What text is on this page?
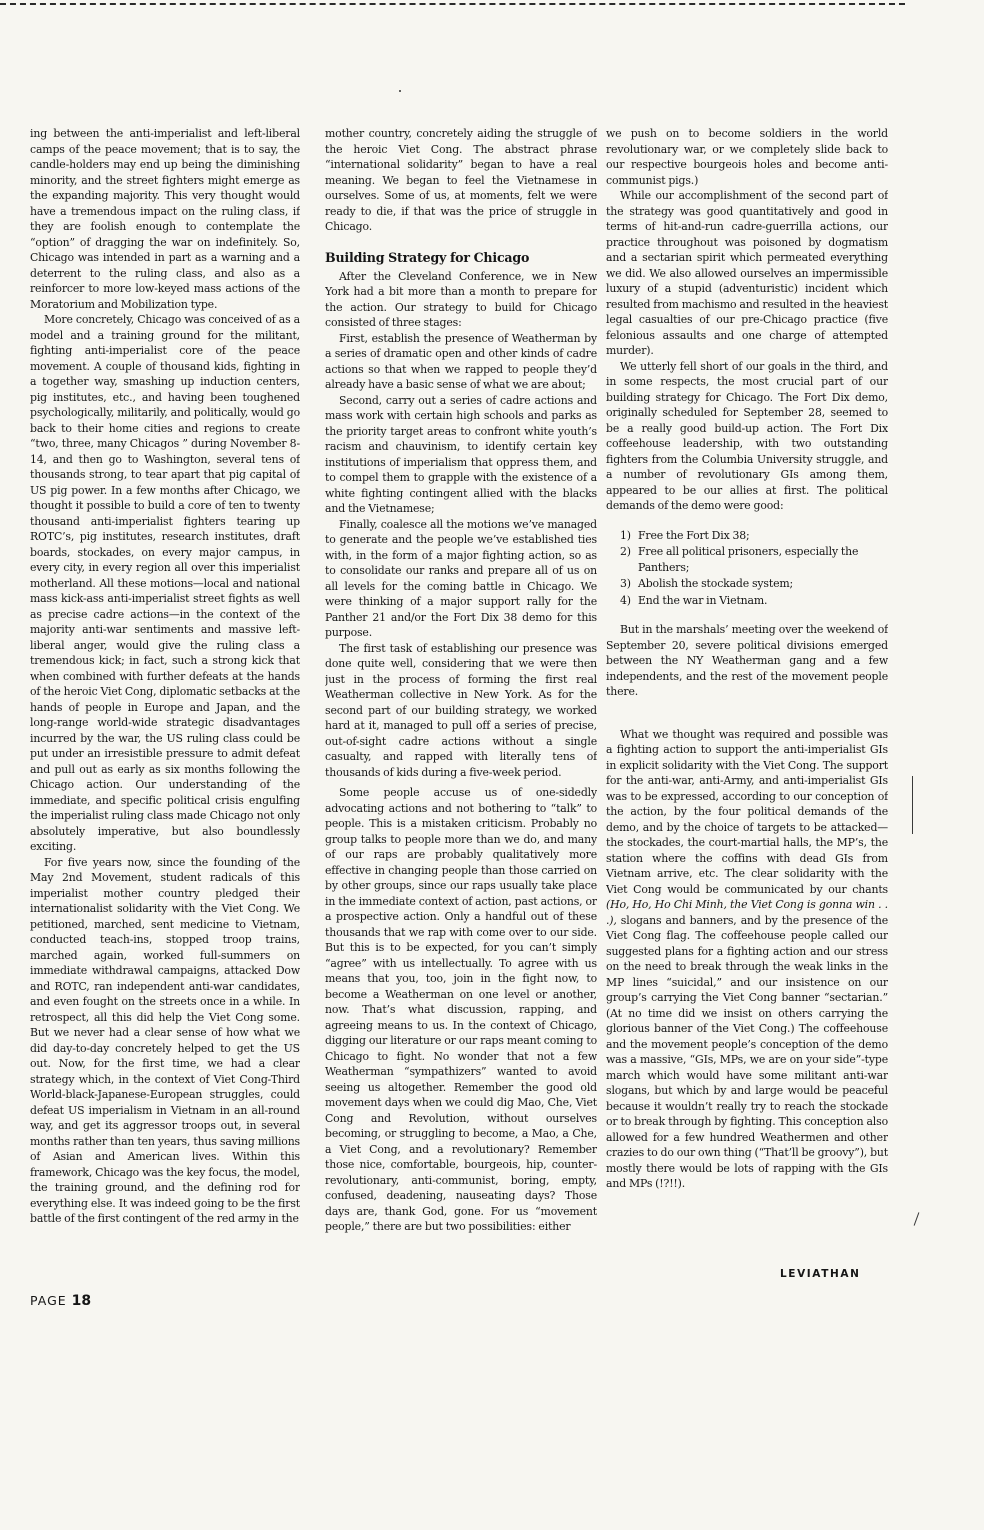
ing between the anti-imperialist and left-liberal camps of the peace movement; that is to say, the candle-holders may end up being the diminishing minority, and the street fighters might emerge as the expanding majority. This very thought would have a tremendous impact on the ruling class, if they are foolish enough to contemplate the “option” of dragging the war on indefinitely. So, Chicago was intended in part as a warning and a deterrent to the ruling class, and also as a reinforcer to more low-keyed mass actions of the Moratorium and Mobilization type.

More concretely, Chicago was conceived of as a model and a training ground for the militant, fighting anti-imperialist core of the peace movement. A couple of thousand kids, fighting in a together way, smashing up induction centers, pig institutes, etc., and having been toughened psychologically, militarily, and politically, would go back to their home cities and regions to create “two, three, many Chicagos ” during November 8-14, and then go to Washington, several tens of thousands strong, to tear apart that pig capital of US pig power. In a few months after Chicago, we thought it possible to build a core of ten to twenty thousand anti-imperialist fighters tearing up ROTC’s, pig institutes, research institutes, draft boards, stockades, on every major campus, in every city, in every region all over this imperialist motherland. All these motions—local and national mass kick-ass anti-imperialist street fights as well as precise cadre actions—in the context of the majority anti-war sentiments and massive left-liberal anger, would give the ruling class a tremendous kick; in fact, such a strong kick that when combined with further defeats at the hands of the heroic Viet Cong, diplomatic setbacks at the hands of people in Europe and Japan, and the long-range world-wide strategic disadvantages incurred by the war, the US ruling class could be put under an irresistible pressure to admit defeat and pull out as early as six months following the Chicago action. Our understanding of the immediate, and specific political crisis engulfing the imperialist ruling class made Chicago not only absolutely imperative, but also boundlessly exciting.

For five years now, since the founding of the May 2nd Movement, student radicals of this imperialist mother country pledged their internationalist solidarity with the Viet Cong. We petitioned, marched, sent medicine to Vietnam, conducted teach-ins, stopped troop trains, marched again, worked full-summers on immediate withdrawal campaigns, attacked Dow and ROTC, ran independent anti-war candidates, and even fought on the streets once in a while. In retrospect, all this did help the Viet Cong some. But we never had a clear sense of how what we did day-to-day concretely helped to get the US out. Now, for the first time, we had a clear strategy which, in the context of Viet Cong-Third World-black-Japanese-European struggles, could defeat US imperialism in Vietnam in an all-round way, and get its aggressor troops out, in several months rather than ten years, thus saving millions of Asian and American lives. Within this framework, Chicago was the key focus, the model, the training ground, and the defining rod for everything else. It was indeed going to be the first battle of the first contingent of the red army in the

mother country, concretely aiding the struggle of the heroic Viet Cong. The abstract phrase “international solidarity” began to have a real meaning. We began to feel the Vietnamese in ourselves. Some of us, at moments, felt we were ready to die, if that was the price of struggle in Chicago.

Building Strategy for Chicago

After the Cleveland Conference, we in New York had a bit more than a month to prepare for the action. Our strategy to build for Chicago consisted of three stages:

First, establish the presence of Weatherman by a series of dramatic open and other kinds of cadre actions so that when we rapped to people they’d already have a basic sense of what we are about;

Second, carry out a series of cadre actions and mass work with certain high schools and parks as the priority target areas to confront white youth’s racism and chauvinism, to identify certain key institutions of imperialism that oppress them, and to compel them to grapple with the existence of a white fighting contingent allied with the blacks and the Vietnamese;

Finally, coalesce all the motions we’ve managed to generate and the people we’ve established ties with, in the form of a major fighting action, so as to consolidate our ranks and prepare all of us on all levels for the coming battle in Chicago. We were thinking of a major support rally for the Panther 21 and/or the Fort Dix 38 demo for this purpose.

The first task of establishing our presence was done quite well, considering that we were then just in the process of forming the first real Weatherman collective in New York. As for the second part of our building strategy, we worked hard at it, managed to pull off a series of precise, out-of-sight cadre actions without a single casualty, and rapped with literally tens of thousands of kids during a five-week period.

Some people accuse us of one-sidedly advocating actions and not bothering to “talk” to people. This is a mistaken criticism. Probably no group talks to people more than we do, and many of our raps are probably qualitatively more effective in changing people than those carried on by other groups, since our raps usually take place in the immediate context of action, past actions, or a prospective action. Only a handful out of these thousands that we rap with come over to our side. But this is to be expected, for you can’t simply “agree” with us intellectually. To agree with us means that you, too, join in the fight now, to become a Weatherman on one level or another, now. That’s what discussion, rapping, and agreeing means to us. In the context of Chicago, digging our literature or our raps meant coming to Chicago to fight. No wonder that not a few Weatherman “sympathizers” wanted to avoid seeing us altogether. Remember the good old movement days when we could dig Mao, Che, Viet Cong and Revolution, without ourselves becoming, or struggling to become, a Mao, a Che, a Viet Cong, and a revolutionary? Remember those nice, comfortable, bourgeois, hip, counter-revolutionary, anti-communist, boring, empty, confused, deadening, nauseating days? Those days are, thank God, gone. For us “movement people,” there are but two possibilities: either

we push on to become soldiers in the world revolutionary war, or we completely slide back to our respective bourgeois holes and become anti-communist pigs.)

While our accomplishment of the second part of the strategy was good quantitatively and good in terms of hit-and-run cadre-guerrilla actions, our practice throughout was poisoned by dogmatism and a sectarian spirit which permeated everything we did. We also allowed ourselves an impermissible luxury of a stupid (adventuristic) incident which resulted from machismo and resulted in the heaviest legal casualties of our pre-Chicago practice (five felonious assaults and one charge of attempted murder).

We utterly fell short of our goals in the third, and in some respects, the most crucial part of our building strategy for Chicago. The Fort Dix demo, originally scheduled for September 28, seemed to be a really good build-up action. The Fort Dix coffeehouse leadership, with two outstanding fighters from the Columbia University struggle, and a number of revolutionary GIs among them, appeared to be our allies at first. The political demands of the demo were good:

1) Free the Fort Dix 38;
2) Free all political prisoners, especially the Panthers;
3) Abolish the stockade system;
4) End the war in Vietnam.

But in the marshals’ meeting over the weekend of September 20, severe political divisions emerged between the NY Weatherman gang and a few independents, and the rest of the movement people there.

What we thought was required and possible was a fighting action to support the anti-imperialist GIs in explicit solidarity with the Viet Cong. The support for the anti-war, anti-Army, and anti-imperialist GIs was to be expressed, according to our conception of the action, by the four political demands of the demo, and by the choice of targets to be attacked—the stockades, the court-martial halls, the MP’s, the station where the coffins with dead GIs from Vietnam arrive, etc. The clear solidarity with the Viet Cong would be communicated by our chants (Ho, Ho, Ho Chi Minh, the Viet Cong is gonna win . . .), slogans and banners, and by the presence of the Viet Cong flag. The coffeehouse people called our suggested plans for a fighting action and our stress on the need to break through the weak links in the MP lines “suicidal,” and our insistence on our group’s carrying the Viet Cong banner “sectarian.” (At no time did we insist on others carrying the glorious banner of the Viet Cong.) The coffeehouse and the movement people’s conception of the demo was a massive, “GIs, MPs, we are on your side”-type march which would have some militant anti-war slogans, but which by and large would be peaceful because it wouldn’t really try to reach the stockade or to break through by fighting. This conception also allowed for a few hundred Weathermen and other crazies to do our own thing (“That’ll be groovy”), but mostly there would be lots of rapping with the GIs and MPs (!?!!).

PAGE 18
LEVIATHAN
